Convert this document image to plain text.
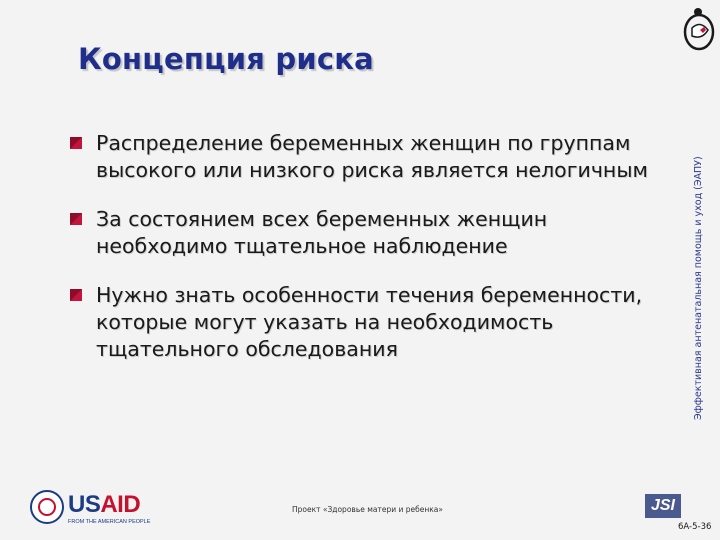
Концепция риска
Эффективная антенатальная помощь и уход (ЭАПУ)
Распределение беременных женщин по группам высокого или низкого риска является нелогичным
За состоянием всех беременных женщин необходимо тщательное наблюдение
Нужно знать особенности течения беременности, которые могут указать на необходимость тщательного обследования
USAID
FROM THE AMERICAN PEOPLE
Проект «Здоровье матери и ребенка»	JSI
6A-5-36
